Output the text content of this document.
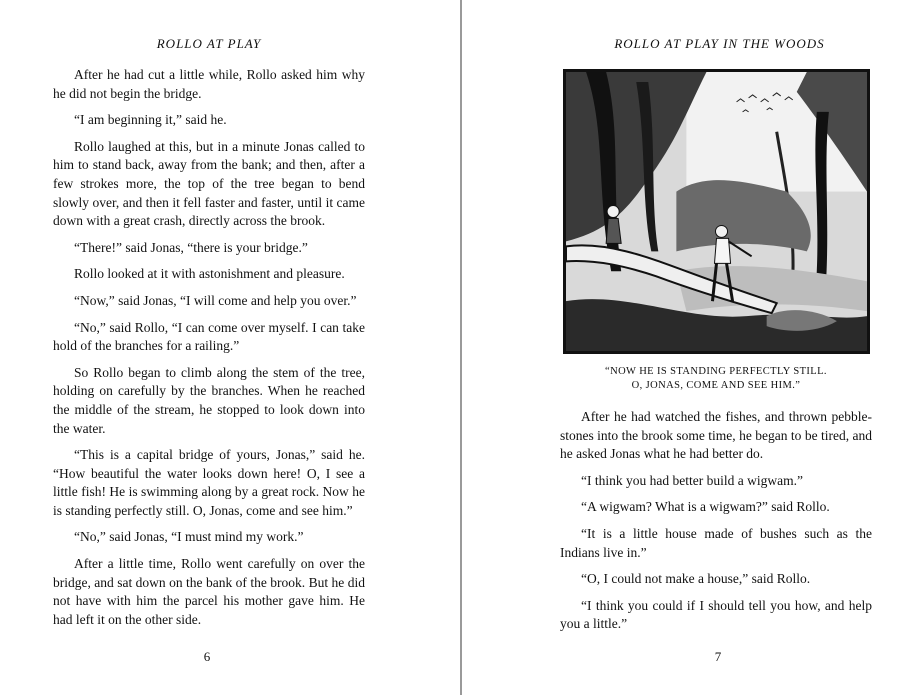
ROLLO AT PLAY

After he had cut a little while, Rollo asked him why he did not begin the bridge.

“I am beginning it,” said he.

Rollo laughed at this, but in a minute Jonas called to him to stand back, away from the bank; and then, after a few strokes more, the top of the tree began to bend slowly over, and then it fell faster and faster, until it came down with a great crash, directly across the brook.

“There!” said Jonas, “there is your bridge.”

Rollo looked at it with astonishment and pleasure.

“Now,” said Jonas, “I will come and help you over.”

“No,” said Rollo, “I can come over myself. I can take hold of the branches for a railing.”

So Rollo began to climb along the stem of the tree, holding on carefully by the branches. When he reached the middle of the stream, he stopped to look down into the water.

“This is a capital bridge of yours, Jonas,” said he. “How beautiful the water looks down here! O, I see a little fish! He is swimming along by a great rock. Now he is standing perfectly still. O, Jonas, come and see him.”

“No,” said Jonas, “I must mind my work.”

After a little time, Rollo went carefully on over the bridge, and sat down on the bank of the brook. But he did not have with him the parcel his mother gave him. He had left it on the other side.

6
ROLLO AT PLAY IN THE WOODS
“NOW HE IS STANDING PERFECTLY STILL.
O, JONAS, COME AND SEE HIM.”

After he had watched the fishes, and thrown pebble-stones into the brook some time, he began to be tired, and he asked Jonas what he had better do.

“I think you had better build a wigwam.”

“A wigwam? What is a wigwam?” said Rollo.

“It is a little house made of bushes such as the Indians live in.”

“O, I could not make a house,” said Rollo.

“I think you could if I should tell you how, and help you a little.”

7
